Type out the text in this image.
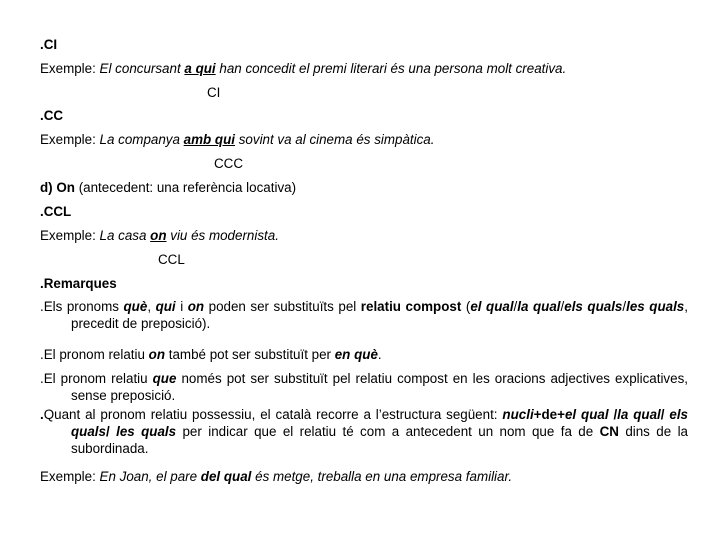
.CI
Exemple: El concursant a qui han concedit el premi literari és una persona molt creativa.
CI
.CC
Exemple: La companya amb qui sovint va al cinema és simpàtica.
CCC
d) On (antecedent: una referència locativa)
.CCL
Exemple: La casa on viu és modernista.
CCL
.Remarques
.Els pronoms què, qui i on poden ser substituïts pel relatiu compost (el qual/la qual/els quals/les quals, precedit de preposició).
.El pronom relatiu on també pot ser substituït per en què.
.El pronom relatiu que només pot ser substituït pel relatiu compost en les oracions adjectives explicatives, sense preposició.
.Quant al pronom relatiu possessiu, el català recorre a l’estructura següent: nucli+de+el qual /la qual/ els quals/ les quals per indicar que el relatiu té com a antecedent un nom que fa de CN dins de la subordinada.
Exemple: En Joan, el pare del qual és metge, treballa en una empresa familiar.
